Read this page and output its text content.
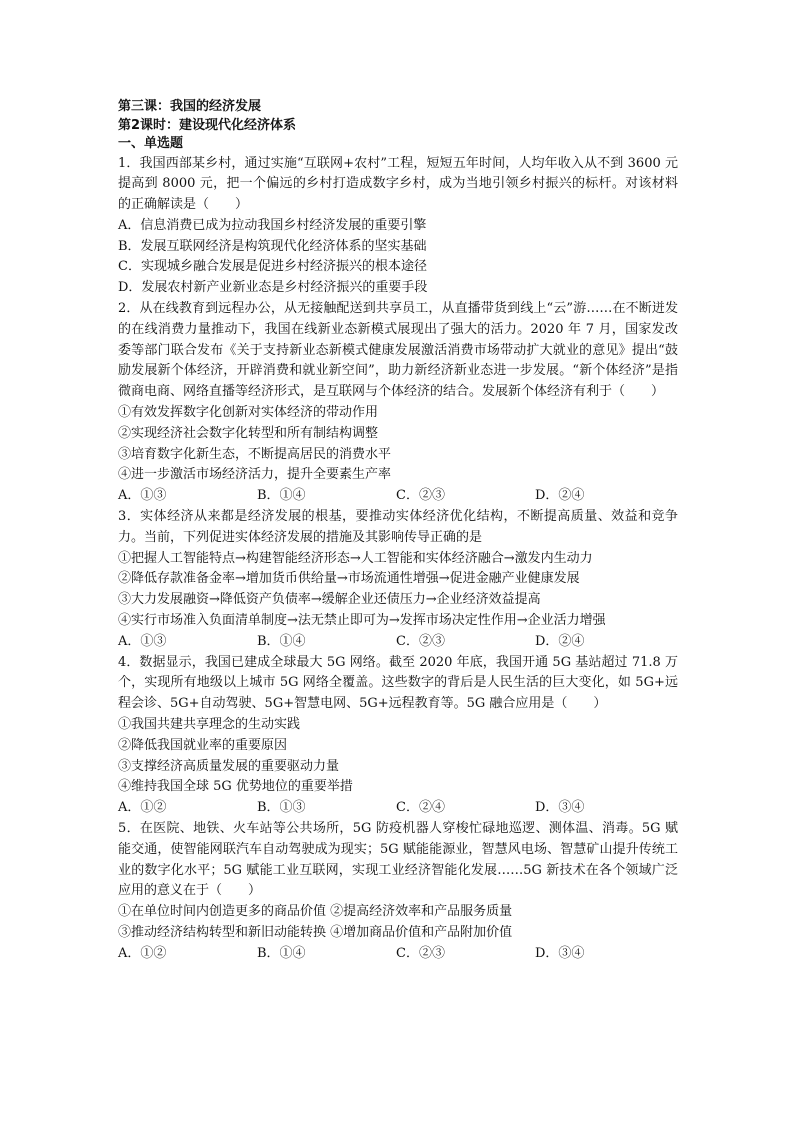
第三课：我国的经济发展
第2课时：建设现代化经济体系
一、单选题
1．我国西部某乡村，通过实施“互联网+农村”工程，短短五年时间，人均年收入从不到 3600 元提高到 8000 元，把一个偏远的乡村打造成数字乡村，成为当地引领乡村振兴的标杆。对该材料的正确解读是（　　）
A．信息消费已成为拉动我国乡村经济发展的重要引擎
B．发展互联网经济是构筑现代化经济体系的坚实基础
C．实现城乡融合发展是促进乡村经济振兴的根本途径
D．发展农村新产业新业态是乡村经济振兴的重要手段
2．从在线教育到远程办公，从无接触配送到共享员工，从直播带货到线上“云”游……在不断迸发的在线消费力量推动下，我国在线新业态新模式展现出了强大的活力。2020 年 7 月，国家发改委等部门联合发布《关于支持新业态新模式健康发展激活消费市场带动扩大就业的意见》提出“鼓励发展新个体经济，开辟消费和就业新空间”，助力新经济新业态进一步发展。“新个体经济”是指微商电商、网络直播等经济形式，是互联网与个体经济的结合。发展新个体经济有利于（　　）
①有效发挥数字化创新对实体经济的带动作用
②实现经济社会数字化转型和所有制结构调整
③培育数字化新生态，不断提高居民的消费水平
④进一步激活市场经济活力，提升全要素生产率
A．①③	B．①④	C．②③	D．②④
3．实体经济从来都是经济发展的根基，要推动实体经济优化结构，不断提高质量、效益和竞争力。当前，下列促进实体经济发展的措施及其影响传导正确的是
①把握人工智能特点→构建智能经济形态→人工智能和实体经济融合→激发内生动力
②降低存款准备金率→增加货币供给量→市场流通性增强→促进金融产业健康发展
③大力发展融资→降低资产负债率→缓解企业还债压力→企业经济效益提高
④实行市场准入负面清单制度→法无禁止即可为→发挥市场决定性作用→企业活力增强
A．①③	B．①④	C．②③	D．②④
4．数据显示，我国已建成全球最大 5G 网络。截至 2020 年底，我国开通 5G 基站超过 71.8 万个，实现所有地级以上城市 5G 网络全覆盖。这些数字的背后是人民生活的巨大变化，如 5G+远程会诊、5G+自动驾驶、5G+智慧电网、5G+远程教育等。5G 融合应用是（　　）
①我国共建共享理念的生动实践
②降低我国就业率的重要原因
③支撑经济高质量发展的重要驱动力量
④维持我国全球 5G 优势地位的重要举措
A．①②	B．①③	C．②④	D．③④
5．在医院、地铁、火车站等公共场所，5G 防疫机器人穿梭忙碌地巡逻、测体温、消毒。5G 赋能交通，使智能网联汽车自动驾驶成为现实；5G 赋能能源业，智慧风电场、智慧矿山提升传统工业的数字化水平；5G 赋能工业互联网，实现工业经济智能化发展……5G 新技术在各个领域广泛应用的意义在于（　　）
①在单位时间内创造更多的商品价值 ②提高经济效率和产品服务质量
③推动经济结构转型和新旧动能转换 ④增加商品价值和产品附加价值
A．①②	B．①④	C．②③	D．③④
